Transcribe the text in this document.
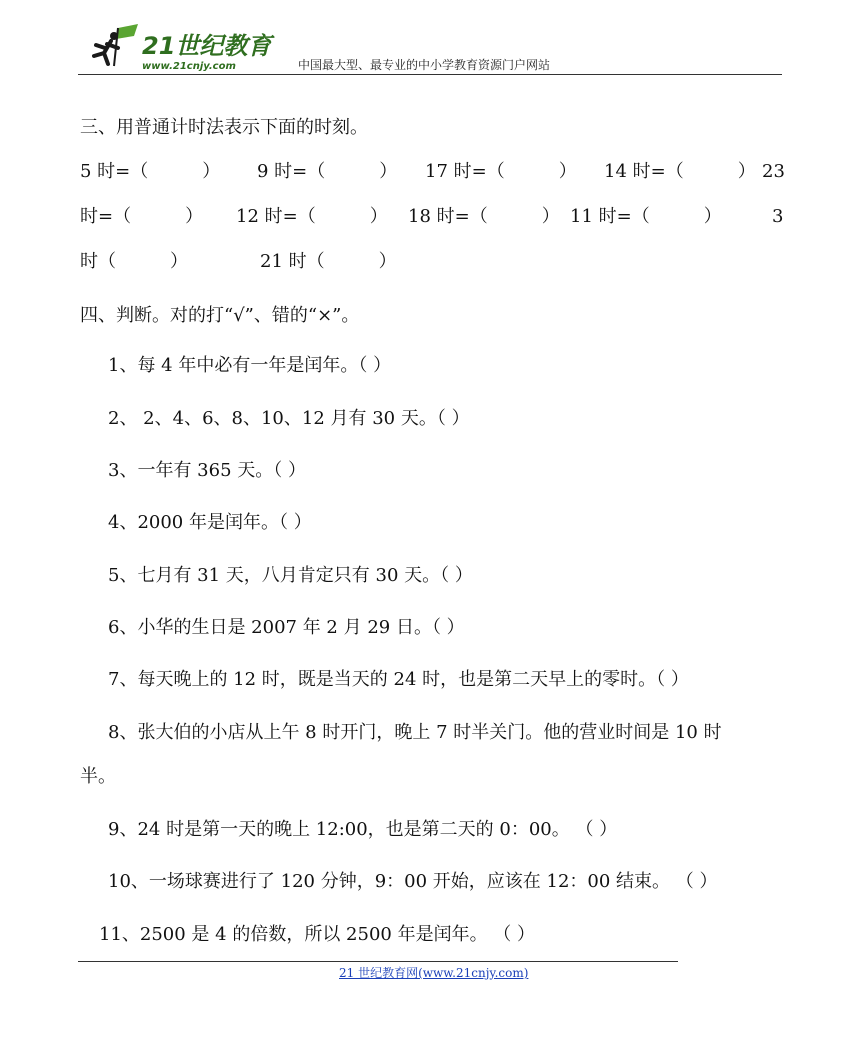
21世纪教育
www.21cnjy.com	中国最大型、最专业的中小学教育资源门户网站
三、用普通计时法表示下面的时刻。
5 时=（　　　） 9 时=（　　　） 17 时=（　　　） 14 时=（　　　） 23
时=（　　　） 12 时=（　　　） 18 时=（　　　） 11 时=（　　　）	3
时（　　　）	21 时（　　　）
四、判断。对的打“√”、错的“×”。
1、每 4 年中必有一年是闰年。（ ）
2、 2、4、6、8、10、12 月有 30 天。（ ）
3、一年有 365 天。（ ）
4、2000 年是闰年。（ ）
5、七月有 31 天，八月肯定只有 30 天。（ ）
6、小华的生日是 2007 年 2 月 29 日。（ ）
7、每天晚上的 12 时，既是当天的 24 时，也是第二天早上的零时。（ ）
8、张大伯的小店从上午 8 时开门，晚上 7 时半关门。他的营业时间是 10 时
半。
9、24 时是第一天的晚上 12:00，也是第二天的 0：00。 （ ）
10、一场球赛进行了 120 分钟，9：00 开始，应该在 12：00 结束。 （ ）
11、2500 是 4 的倍数，所以 2500 年是闰年。 （ ）
21 世纪教育网(www.21cnjy.com)
